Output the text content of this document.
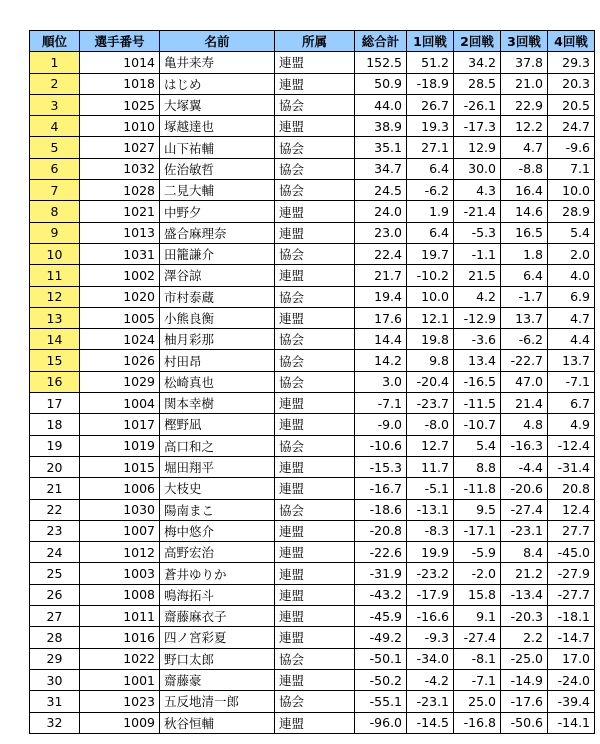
順位	選手番号	名前	所属	総合計	1回戦	2回戦	3回戦	4回戦
1	1014	亀井来寿	連盟	152.5	51.2	34.2	37.8	29.3
2	1018	はじめ	連盟	50.9	-18.9	28.5	21.0	20.3
3	1025	大塚翼	協会	44.0	26.7	-26.1	22.9	20.5
4	1010	塚越達也	連盟	38.9	19.3	-17.3	12.2	24.7
5	1027	山下祐輔	協会	35.1	27.1	12.9	4.7	-9.6
6	1032	佐治敏哲	協会	34.7	6.4	30.0	-8.8	7.1
7	1028	二見大輔	協会	24.5	-6.2	4.3	16.4	10.0
8	1021	中野夕	連盟	24.0	1.9	-21.4	14.6	28.9
9	1013	盛合麻理奈	連盟	23.0	6.4	-5.3	16.5	5.4
10	1031	田籠謙介	協会	22.4	19.7	-1.1	1.8	2.0
11	1002	澤谷諒	連盟	21.7	-10.2	21.5	6.4	4.0
12	1020	市村泰蔵	協会	19.4	10.0	4.2	-1.7	6.9
13	1005	小熊良衡	連盟	17.6	12.1	-12.9	13.7	4.7
14	1024	柚月彩那	協会	14.4	19.8	-3.6	-6.2	4.4
15	1026	村田昂	協会	14.2	9.8	13.4	-22.7	13.7
16	1029	松崎真也	協会	3.0	-20.4	-16.5	47.0	-7.1
17	1004	関本幸樹	連盟	-7.1	-23.7	-11.5	21.4	6.7
18	1017	樫野凪	連盟	-9.0	-8.0	-10.7	4.8	4.9
19	1019	高口和之	協会	-10.6	12.7	5.4	-16.3	-12.4
20	1015	堀田翔平	連盟	-15.3	11.7	8.8	-4.4	-31.4
21	1006	大枝史	連盟	-16.7	-5.1	-11.8	-20.6	20.8
22	1030	陽南まこ	協会	-18.6	-13.1	9.5	-27.4	12.4
23	1007	梅中悠介	連盟	-20.8	-8.3	-17.1	-23.1	27.7
24	1012	高野宏治	連盟	-22.6	19.9	-5.9	8.4	-45.0
25	1003	蒼井ゆりか	連盟	-31.9	-23.2	-2.0	21.2	-27.9
26	1008	鳴海拓斗	連盟	-43.2	-17.9	15.8	-13.4	-27.7
27	1011	齋藤麻衣子	連盟	-45.9	-16.6	9.1	-20.3	-18.1
28	1016	四ノ宮彩夏	連盟	-49.2	-9.3	-27.4	2.2	-14.7
29	1022	野口太郎	協会	-50.1	-34.0	-8.1	-25.0	17.0
30	1001	齋藤豪	連盟	-50.2	-4.2	-7.1	-14.9	-24.0
31	1023	五反地清一郎	協会	-55.1	-23.1	25.0	-17.6	-39.4
32	1009	秋谷恒輔	連盟	-96.0	-14.5	-16.8	-50.6	-14.1
